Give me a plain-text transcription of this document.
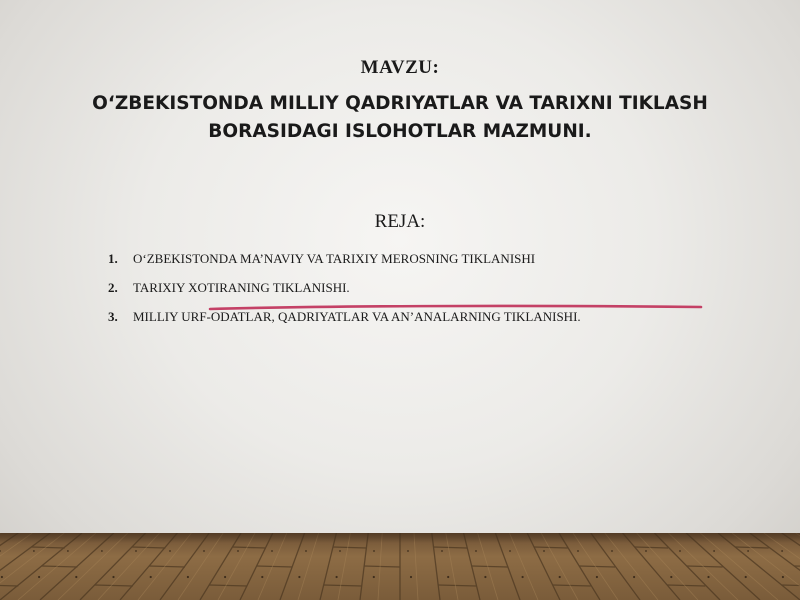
MAVZU:
O‘ZBEKISTONDA MILLIY QADRIYATLAR VA TARIXNI TIKLASH BORASIDAGI ISLOHOTLAR MAZMUNI.
REJA:
1.	O‘ZBEKISTONDA MA’NAVIY VA TARIXIY MEROSNING TIKLANISHI
2.	TARIXIY XOTIRANING TIKLANISHI.
3.	MILLIY URF-ODATLAR, QADRIYATLAR VA AN’ANALARNING TIKLANISHI.
